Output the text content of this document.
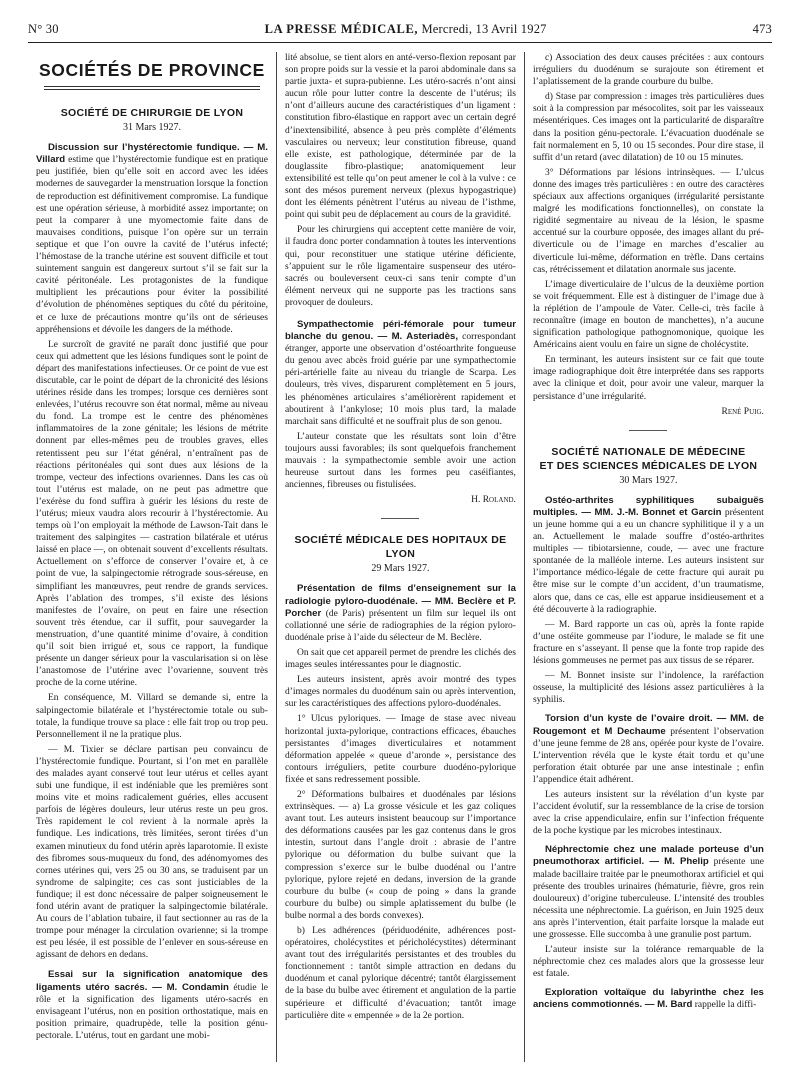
N° 30	LA PRESSE MÉDICALE, Mercredi, 13 Avril 1927	473
SOCIÉTÉS DE PROVINCE
SOCIÉTÉ DE CHIRURGIE DE LYON
31 Mars 1927.

Discussion sur l’hystérectomie fundique. — M. Villard estime que l’hystérectomie fundique est en pratique peu justifiée, bien qu’elle soit en accord avec les idées modernes de sauvegarder la menstruation lorsque la fonction de reproduction est définitivement compromise. La fundique est une opération sérieuse, à morbidité assez importante; on peut la comparer à une myomectomie faite dans de mauvaises conditions, puisque l’on opère sur un terrain septique et que l’on ouvre la cavité de l’utérus infecté; l’hémostase de la tranche utérine est souvent difficile et tout suintement sanguin est dangereux surtout s’il se fait sur la cavité péritonéale. Les protagonistes de la fundique multiplient les précautions pour éviter la possibilité d’évolution de phénomènes septiques du côté du péritoine, et ce luxe de précautions montre qu’ils ont de sérieuses appréhensions et dévoile les dangers de la méthode.

Le surcroît de gravité ne paraît donc justifié que pour ceux qui admettent que les lésions fundiques sont le point de départ des manifestations infectieuses. Or ce point de vue est discutable, car le point de départ de la chronicité des lésions utérines réside dans les trompes; lorsque ces dernières sont enlevées, l’utérus recouvre son état normal, même au niveau du fond. La trompe est le centre des phénomènes inflammatoires de la zone génitale; les lésions de métrite donnent par elles-mêmes peu de troubles graves, elles retentissent peu sur l’état général, n’entraînent pas de réactions péritonéales qui sont dues aux lésions de la trompe, vecteur des infections ovariennes. Dans les cas où tout l’utérus est malade, on ne peut pas admettre que l’exérèse du fond suffira à guérir les lésions du reste de l’utérus; mieux vaudra alors recourir à l’hystérectomie. Au temps où l’on employait la méthode de Lawson-Tait dans le traitement des salpingites — castration bilatérale et utérus laissé en place —, on obtenait souvent d’excellents résultats. Actuellement on s’efforce de conserver l’ovaire et, à ce point de vue, la salpingectomie rétrograde sous-séreuse, en simplifiant les manœuvres, peut rendre de grands services. Après l’ablation des trompes, s’il existe des lésions manifestes de l’ovaire, on peut en faire une résection souvent très étendue, car il suffit, pour sauvegarder la menstruation, d’une quantité minime d’ovaire, à condition qu’il soit bien irrigué et, sous ce rapport, la fundique présente un danger sérieux pour la vascularisation si on lèse l’anastomose de l’utérine avec l’ovarienne, souvent très proche de la corne utérine.

En conséquence, M. Villard se demande si, entre la salpingectomie bilatérale et l’hystérectomie totale ou sub-totale, la fundique trouve sa place : elle fait trop ou trop peu. Personnellement il ne la pratique plus.

— M. Tixier se déclare partisan peu convaincu de l’hystérectomie fundique. Pourtant, si l’on met en parallèle des malades ayant conservé tout leur utérus et celles ayant subi une fundique, il est indéniable que les premières sont moins vite et moins radicalement guéries, elles accusent parfois de légères douleurs, leur utérus reste un peu gros. Très rapidement le col revient à la normale après la fundique. Les indications, très limitées, seront tirées d’un examen minutieux du fond utérin après laparotomie. Il existe des fibromes sous-muqueux du fond, des adénomyomes des cornes utérines qui, vers 25 ou 30 ans, se traduisent par un syndrome de salpingite; ces cas sont justiciables de la fundique; il est donc nécessaire de palper soigneusement le fond utérin avant de pratiquer la salpingectomie bilatérale. Au cours de l’ablation tubaire, il faut sectionner au ras de la trompe pour ménager la circulation ovarienne; si la trompe est peu lésée, il est possible de l’enlever en sous-séreuse en agissant de dehors en dedans.

Essai sur la signification anatomique des ligaments utéro sacrés. — M. Condamin étudie le rôle et la signification des ligaments utéro-sacrés en envisageant l’utérus, non en position orthostatique, mais en position primaire, quadrupède, telle la position génu-pectorale. L’utérus, tout en gardant une mobi-

lité absolue, se tient alors en anté-verso-flexion reposant par son propre poids sur la vessie et la paroi abdominale dans sa partie juxta- et supra-pubienne. Les utéro-sacrés n’ont ainsi aucun rôle pour lutter contre la descente de l’utérus; ils n’ont d’ailleurs aucune des caractéristiques d’un ligament : constitution fibro-élastique en rapport avec un certain degré d’inextensibilité, absence à peu près complète d’éléments vasculaires ou nerveux; leur constitution fibreuse, quand elle existe, est pathologique, déterminée par de la douglassite fibro-plastique; anatomiquement leur extensibilité est telle qu’on peut amener le col à la vulve : ce sont des mésos purement nerveux (plexus hypogastrique) dont les éléments pénètrent l’utérus au niveau de l’isthme, point qui subit peu de déplacement au cours de la gravidité.

Pour les chirurgiens qui acceptent cette manière de voir, il faudra donc porter condamnation à toutes les interventions qui, pour reconstituer une statique utérine déficiente, s’appuient sur le rôle ligamentaire suspenseur des utéro-sacrés ou bouleversent ceux-ci sans tenir compte d’un élément nerveux qui ne supporte pas les tractions sans provoquer de douleurs.

Sympathectomie péri-fémorale pour tumeur blanche du genou. — M. Asteriadès, correspondant étranger, apporte une observation d’ostéoarthrite fongueuse du genou avec abcès froid guérie par une sympathectomie péri-artérielle faite au niveau du triangle de Scarpa. Les douleurs, très vives, disparurent complètement en 5 jours, les phénomènes articulaires s’améliorèrent rapidement et aboutirent à l’ankylose; 10 mois plus tard, la malade marchait sans difficulté et ne souffrait plus de son genou.

L’auteur constate que les résultats sont loin d’être toujours aussi favorables; ils sont quelquefois franchement mauvais : la sympathectomie semble avoir une action heureuse surtout dans les formes peu caséifiantes, anciennes, fibreuses ou fistulisées.

H. Roland.
SOCIÉTÉ MÉDICALE DES HOPITAUX DE LYON
29 Mars 1927.

Présentation de films d’enseignement sur la radiologie pyloro-duodénale. — MM. Beclère et P. Porcher (de Paris) présentent un film sur lequel ils ont collationné une série de radiographies de la région pyloro-duodénale prise à l’aide du sélecteur de M. Beclère.

On sait que cet appareil permet de prendre les clichés des images seules intéressantes pour le diagnostic.

Les auteurs insistent, après avoir montré des types d’images normales du duodénum sain ou après intervention, sur les caractéristiques des affections pyloro-duodénales.

1° Ulcus pyloriques. — Image de stase avec niveau horizontal juxta-pylorique, contractions efficaces, ébauches persistantes d’images diverticulaires et notamment déformation appelée « queue d’aronde », persistance des contours irréguliers, petite courbure duodéno-pylorique fixée et sans redressement possible.

2° Déformations bulbaires et duodénales par lésions extrinsèques. — a) La grosse vésicule et les gaz coliques avant tout. Les auteurs insistent beaucoup sur l’importance des déformations causées par les gaz contenus dans le gros intestin, surtout dans l’angle droit : abrasie de l’antre pylorique ou déformation du bulbe suivant que la compression s’exerce sur le bulbe duodénal ou l’antre pylorique, pylore rejeté en dedans, inversion de la grande courbure du bulbe (« coup de poing » dans la grande courbure du bulbe) ou simple aplatissement du bulbe (le bulbe normal a des bords convexes).

b) Les adhérences (périduodénite, adhérences post-opératoires, cholécystites et péricholécystites) déterminant avant tout des irrégularités persistantes et des troubles du fonctionnement : tantôt simple attraction en dedans du duodénum et canal pylorique décentré; tantôt élargissement de la base du bulbe avec étirement et angulation de la partie supérieure et difficulté d’évacuation; tantôt image particulière dite « empennée » de la 2e portion.

c) Association des deux causes précitées : aux contours irréguliers du duodénum se surajoute son étirement et l’aplatissement de la grande courbure du bulbe.

d) Stase par compression : images très particulières dues soit à la compression par mésocolites, soit par les vaisseaux mésentériques. Ces images ont la particularité de disparaître dans la position génu-pectorale. L’évacuation duodénale se fait normalement en 5, 10 ou 15 secondes. Pour dire stase, il suffit d’un retard (avec dilatation) de 10 ou 15 minutes.

3° Déformations par lésions intrinsèques. — L’ulcus donne des images très particulières : en outre des caractères spéciaux aux affections organiques (irrégularité persistante malgré les modifications fonctionnelles), on constate la rigidité segmentaire au niveau de la lésion, le spasme accentué sur la courbure opposée, des images allant du pré-diverticule ou de l’image en marches d’escalier au diverticule lui-même, déformation en trèfle. Dans certains cas, rétrécissement et dilatation anormale sus jacente.

L’image diverticulaire de l’ulcus de la deuxième portion se voit fréquemment. Elle est à distinguer de l’image due à la réplétion de l’ampoule de Vater. Celle-ci, très facile à reconnaître (image en bouton de manchettes), n’a aucune signification pathologique pathognomonique, quoique les Américains aient voulu en faire un signe de cholécystite.

En terminant, les auteurs insistent sur ce fait que toute image radiographique doit être interprétée dans ses rapports avec la clinique et doit, pour avoir une valeur, marquer la persistance d’une irrégularité.

René Puig.
SOCIÉTÉ NATIONALE DE MÉDECINE
ET DES SCIENCES MÉDICALES DE LYON
30 Mars 1927.

Ostéo-arthrites syphilitiques subaiguës multiples. — MM. J.-M. Bonnet et Garcin présentent un jeune homme qui a eu un chancre syphilitique il y a un an. Actuellement le malade souffre d’ostéo-arthrites multiples — tibiotarsienne, coude, — avec une fracture spontanée de la malléole interne. Les auteurs insistent sur l’importance médico-légale de cette fracture qui aurait pu être mise sur le compte d’un accident, d’un traumatisme, alors que, dans ce cas, elle est apparue insidieusement et a été découverte à la radiographie.

— M. Bard rapporte un cas où, après la fonte rapide d’une ostéite gommeuse par l’iodure, le malade se fit une fracture en s’asseyant. Il pense que la fonte trop rapide des lésions gommeuses ne permet pas aux tissus de se réparer.

— M. Bonnet insiste sur l’indolence, la raréfaction osseuse, la multiplicité des lésions assez particulières à la syphilis.

Torsion d’un kyste de l’ovaire droit. — MM. de Rougemont et M Dechaume présentent l’observation d’une jeune femme de 28 ans, opérée pour kyste de l’ovaire. L’intervention révéla que le kyste était tordu et qu’une perforation était obturée par une anse intestinale ; enfin l’appendice était adhérent.

Les auteurs insistent sur la révélation d’un kyste par l’accident évolutif, sur la ressemblance de la crise de torsion avec la crise appendiculaire, enfin sur l’infection fréquente de la poche kystique par les microbes intestinaux.

Néphrectomie chez une malade porteuse d’un pneumothorax artificiel. — M. Phelip présente une malade bacillaire traitée par le pneumothorax artificiel et qui présente des troubles urinaires (hématurie, fièvre, gros rein douloureux) d’origine tuberculeuse. L’intensité des troubles nécessita une néphrectomie. La guérison, en Juin 1925 deux ans après l’intervention, était parfaite lorsque la malade eut une grossesse. Elle succomba à une granulie post partum.

L’auteur insiste sur la tolérance remarquable de la néphrectomie chez ces malades alors que la grossesse leur est fatale.

Exploration voltaïque du labyrinthe chez les anciens commotionnés. — M. Bard rappelle la diffi-
